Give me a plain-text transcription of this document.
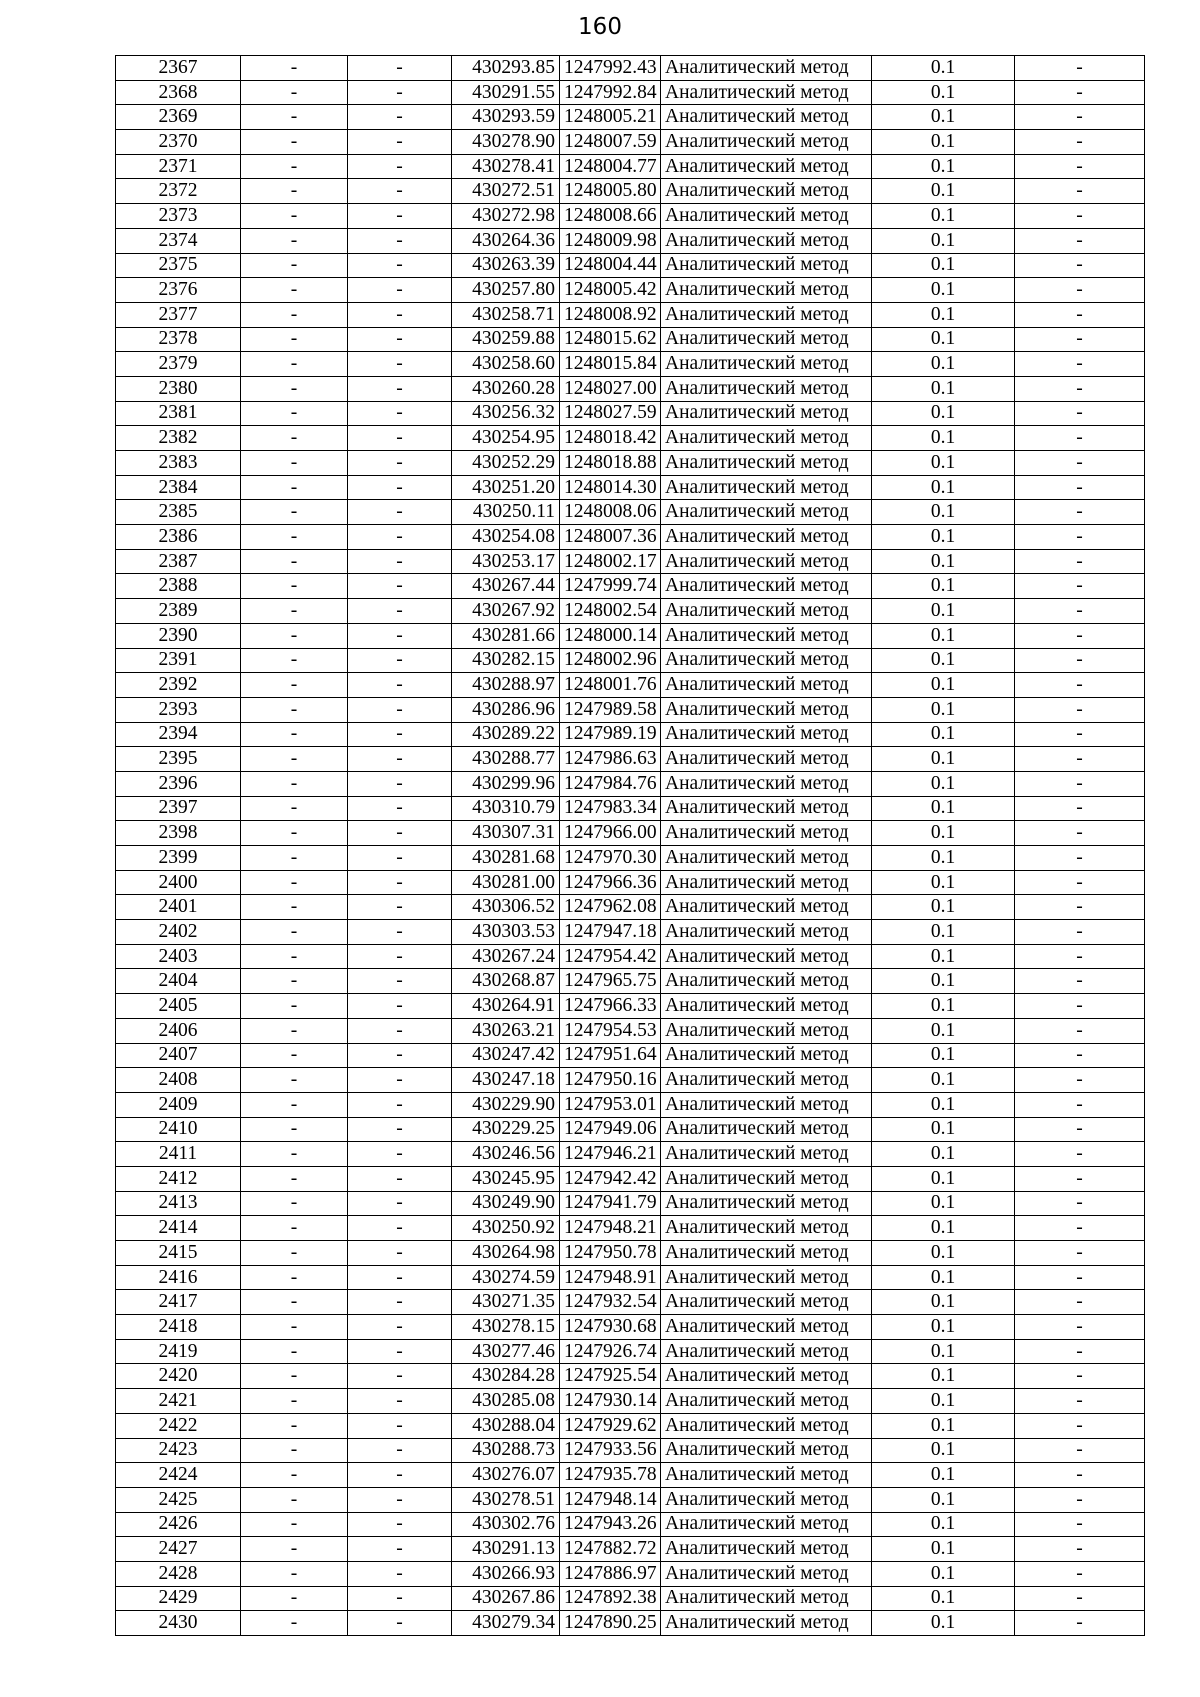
160
2367	-	-	430293.85	1247992.43	Аналитический метод	0.1	-
2368	-	-	430291.55	1247992.84	Аналитический метод	0.1	-
2369	-	-	430293.59	1248005.21	Аналитический метод	0.1	-
2370	-	-	430278.90	1248007.59	Аналитический метод	0.1	-
2371	-	-	430278.41	1248004.77	Аналитический метод	0.1	-
2372	-	-	430272.51	1248005.80	Аналитический метод	0.1	-
2373	-	-	430272.98	1248008.66	Аналитический метод	0.1	-
2374	-	-	430264.36	1248009.98	Аналитический метод	0.1	-
2375	-	-	430263.39	1248004.44	Аналитический метод	0.1	-
2376	-	-	430257.80	1248005.42	Аналитический метод	0.1	-
2377	-	-	430258.71	1248008.92	Аналитический метод	0.1	-
2378	-	-	430259.88	1248015.62	Аналитический метод	0.1	-
2379	-	-	430258.60	1248015.84	Аналитический метод	0.1	-
2380	-	-	430260.28	1248027.00	Аналитический метод	0.1	-
2381	-	-	430256.32	1248027.59	Аналитический метод	0.1	-
2382	-	-	430254.95	1248018.42	Аналитический метод	0.1	-
2383	-	-	430252.29	1248018.88	Аналитический метод	0.1	-
2384	-	-	430251.20	1248014.30	Аналитический метод	0.1	-
2385	-	-	430250.11	1248008.06	Аналитический метод	0.1	-
2386	-	-	430254.08	1248007.36	Аналитический метод	0.1	-
2387	-	-	430253.17	1248002.17	Аналитический метод	0.1	-
2388	-	-	430267.44	1247999.74	Аналитический метод	0.1	-
2389	-	-	430267.92	1248002.54	Аналитический метод	0.1	-
2390	-	-	430281.66	1248000.14	Аналитический метод	0.1	-
2391	-	-	430282.15	1248002.96	Аналитический метод	0.1	-
2392	-	-	430288.97	1248001.76	Аналитический метод	0.1	-
2393	-	-	430286.96	1247989.58	Аналитический метод	0.1	-
2394	-	-	430289.22	1247989.19	Аналитический метод	0.1	-
2395	-	-	430288.77	1247986.63	Аналитический метод	0.1	-
2396	-	-	430299.96	1247984.76	Аналитический метод	0.1	-
2397	-	-	430310.79	1247983.34	Аналитический метод	0.1	-
2398	-	-	430307.31	1247966.00	Аналитический метод	0.1	-
2399	-	-	430281.68	1247970.30	Аналитический метод	0.1	-
2400	-	-	430281.00	1247966.36	Аналитический метод	0.1	-
2401	-	-	430306.52	1247962.08	Аналитический метод	0.1	-
2402	-	-	430303.53	1247947.18	Аналитический метод	0.1	-
2403	-	-	430267.24	1247954.42	Аналитический метод	0.1	-
2404	-	-	430268.87	1247965.75	Аналитический метод	0.1	-
2405	-	-	430264.91	1247966.33	Аналитический метод	0.1	-
2406	-	-	430263.21	1247954.53	Аналитический метод	0.1	-
2407	-	-	430247.42	1247951.64	Аналитический метод	0.1	-
2408	-	-	430247.18	1247950.16	Аналитический метод	0.1	-
2409	-	-	430229.90	1247953.01	Аналитический метод	0.1	-
2410	-	-	430229.25	1247949.06	Аналитический метод	0.1	-
2411	-	-	430246.56	1247946.21	Аналитический метод	0.1	-
2412	-	-	430245.95	1247942.42	Аналитический метод	0.1	-
2413	-	-	430249.90	1247941.79	Аналитический метод	0.1	-
2414	-	-	430250.92	1247948.21	Аналитический метод	0.1	-
2415	-	-	430264.98	1247950.78	Аналитический метод	0.1	-
2416	-	-	430274.59	1247948.91	Аналитический метод	0.1	-
2417	-	-	430271.35	1247932.54	Аналитический метод	0.1	-
2418	-	-	430278.15	1247930.68	Аналитический метод	0.1	-
2419	-	-	430277.46	1247926.74	Аналитический метод	0.1	-
2420	-	-	430284.28	1247925.54	Аналитический метод	0.1	-
2421	-	-	430285.08	1247930.14	Аналитический метод	0.1	-
2422	-	-	430288.04	1247929.62	Аналитический метод	0.1	-
2423	-	-	430288.73	1247933.56	Аналитический метод	0.1	-
2424	-	-	430276.07	1247935.78	Аналитический метод	0.1	-
2425	-	-	430278.51	1247948.14	Аналитический метод	0.1	-
2426	-	-	430302.76	1247943.26	Аналитический метод	0.1	-
2427	-	-	430291.13	1247882.72	Аналитический метод	0.1	-
2428	-	-	430266.93	1247886.97	Аналитический метод	0.1	-
2429	-	-	430267.86	1247892.38	Аналитический метод	0.1	-
2430	-	-	430279.34	1247890.25	Аналитический метод	0.1	-
